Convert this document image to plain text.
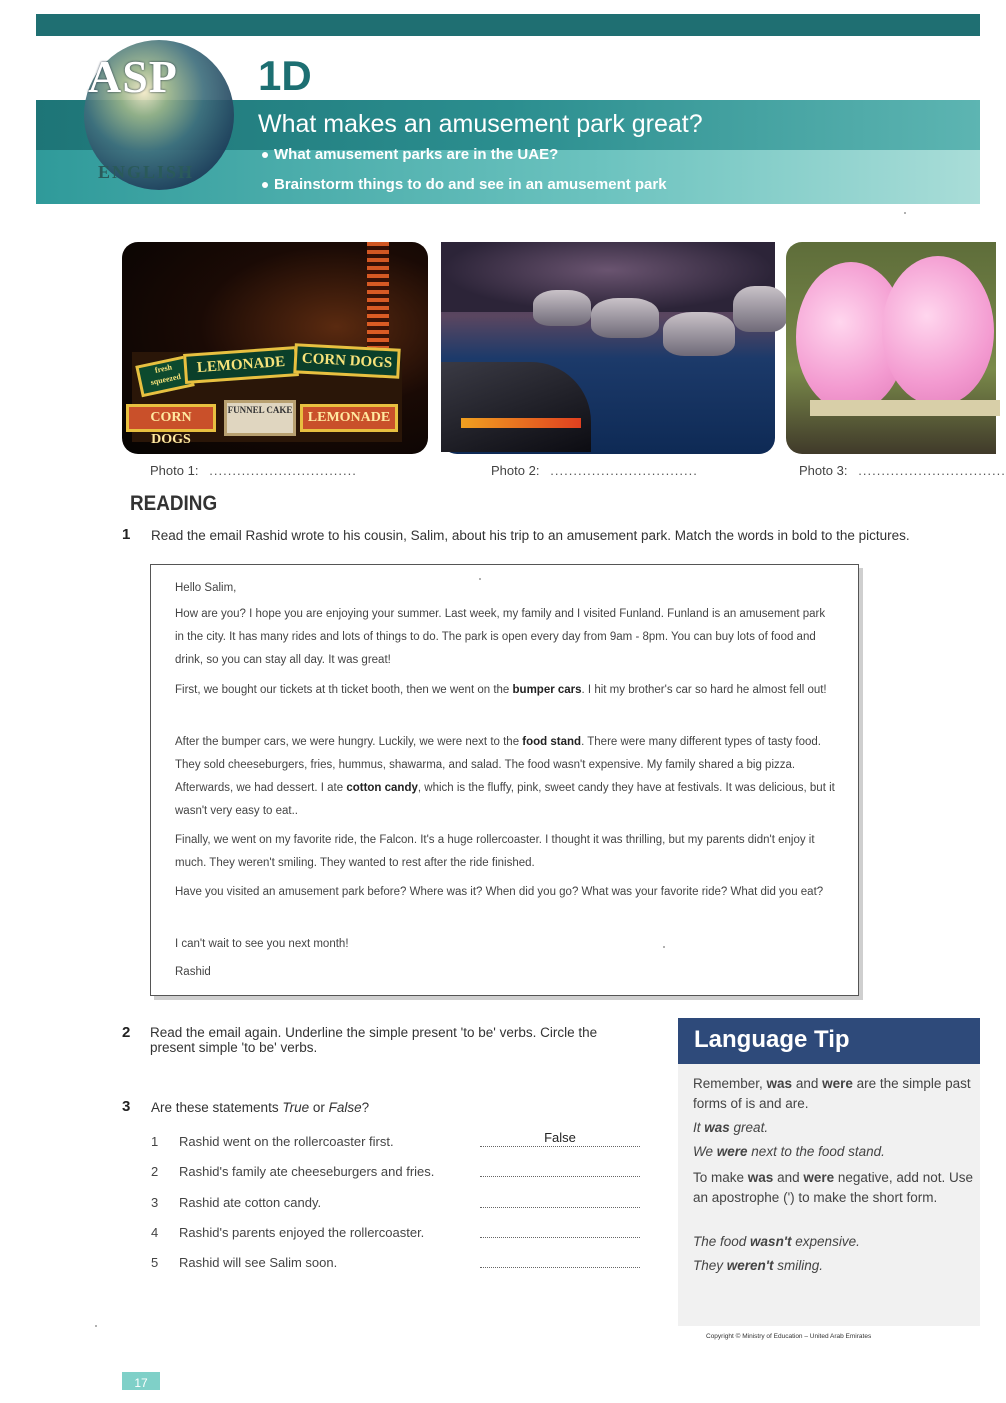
ASP
ENGLISH
1D
What makes an amusement park great?
What amusement parks are in the UAE?
Brainstorm things to do and see in an amusement park
fresh squeezed
LEMONADE	CORN DOGS
CORN DOGS
FUNNEL CAKE	LEMONADE
Photo 1: ................................	Photo 2: ................................	Photo 3: ................................
READING
1 Read the email Rashid wrote to his cousin, Salim, about his trip to an amusement park. Match the words in bold to the pictures.

Hello Salim,

How are you? I hope you are enjoying your summer. Last week, my family and I visited Funland. Funland is an amusement park in the city. It has many rides and lots of things to do. The park is open every day from 9am - 8pm. You can buy lots of food and drink, so you can stay all day. It was great!

First, we bought our tickets at th ticket booth, then we went on the bumper cars. I hit my brother's car so hard he almost fell out!

After the bumper cars, we were hungry. Luckily, we were next to the food stand. There were many different types of tasty food. They sold cheeseburgers, fries, hummus, shawarma, and salad. The food wasn't expensive. My family shared a big pizza. Afterwards, we had dessert. I ate cotton candy, which is the fluffy, pink, sweet candy they have at festivals. It was delicious, but it wasn't very easy to eat..

Finally, we went on my favorite ride, the Falcon. It's a huge rollercoaster. I thought it was thrilling, but my parents didn't enjoy it much. They weren't smiling. They wanted to rest after the ride finished.

Have you visited an amusement park before? Where was it? When did you go? What was your favorite ride? What did you eat?

I can't wait to see you next month!

Rashid

2 Read the email again. Underline the simple present 'to be' verbs. Circle the
present simple 'to be' verbs.
3 Are these statements True or False?
1 Rashid went on the rollercoaster first.	False
2 Rashid's family ate cheeseburgers and fries.
3 Rashid ate cotton candy.
4 Rashid's parents enjoyed the rollercoaster.
5 Rashid will see Salim soon.
Language Tip
Remember, was and were are the simple past forms of is and are.
It was great.
We were next to the food stand.
To make was and were negative, add not. Use an apostrophe (') to make the short form.
The food wasn't expensive.
They weren't smiling.
Copyright © Ministry of Education – United Arab Emirates
17
